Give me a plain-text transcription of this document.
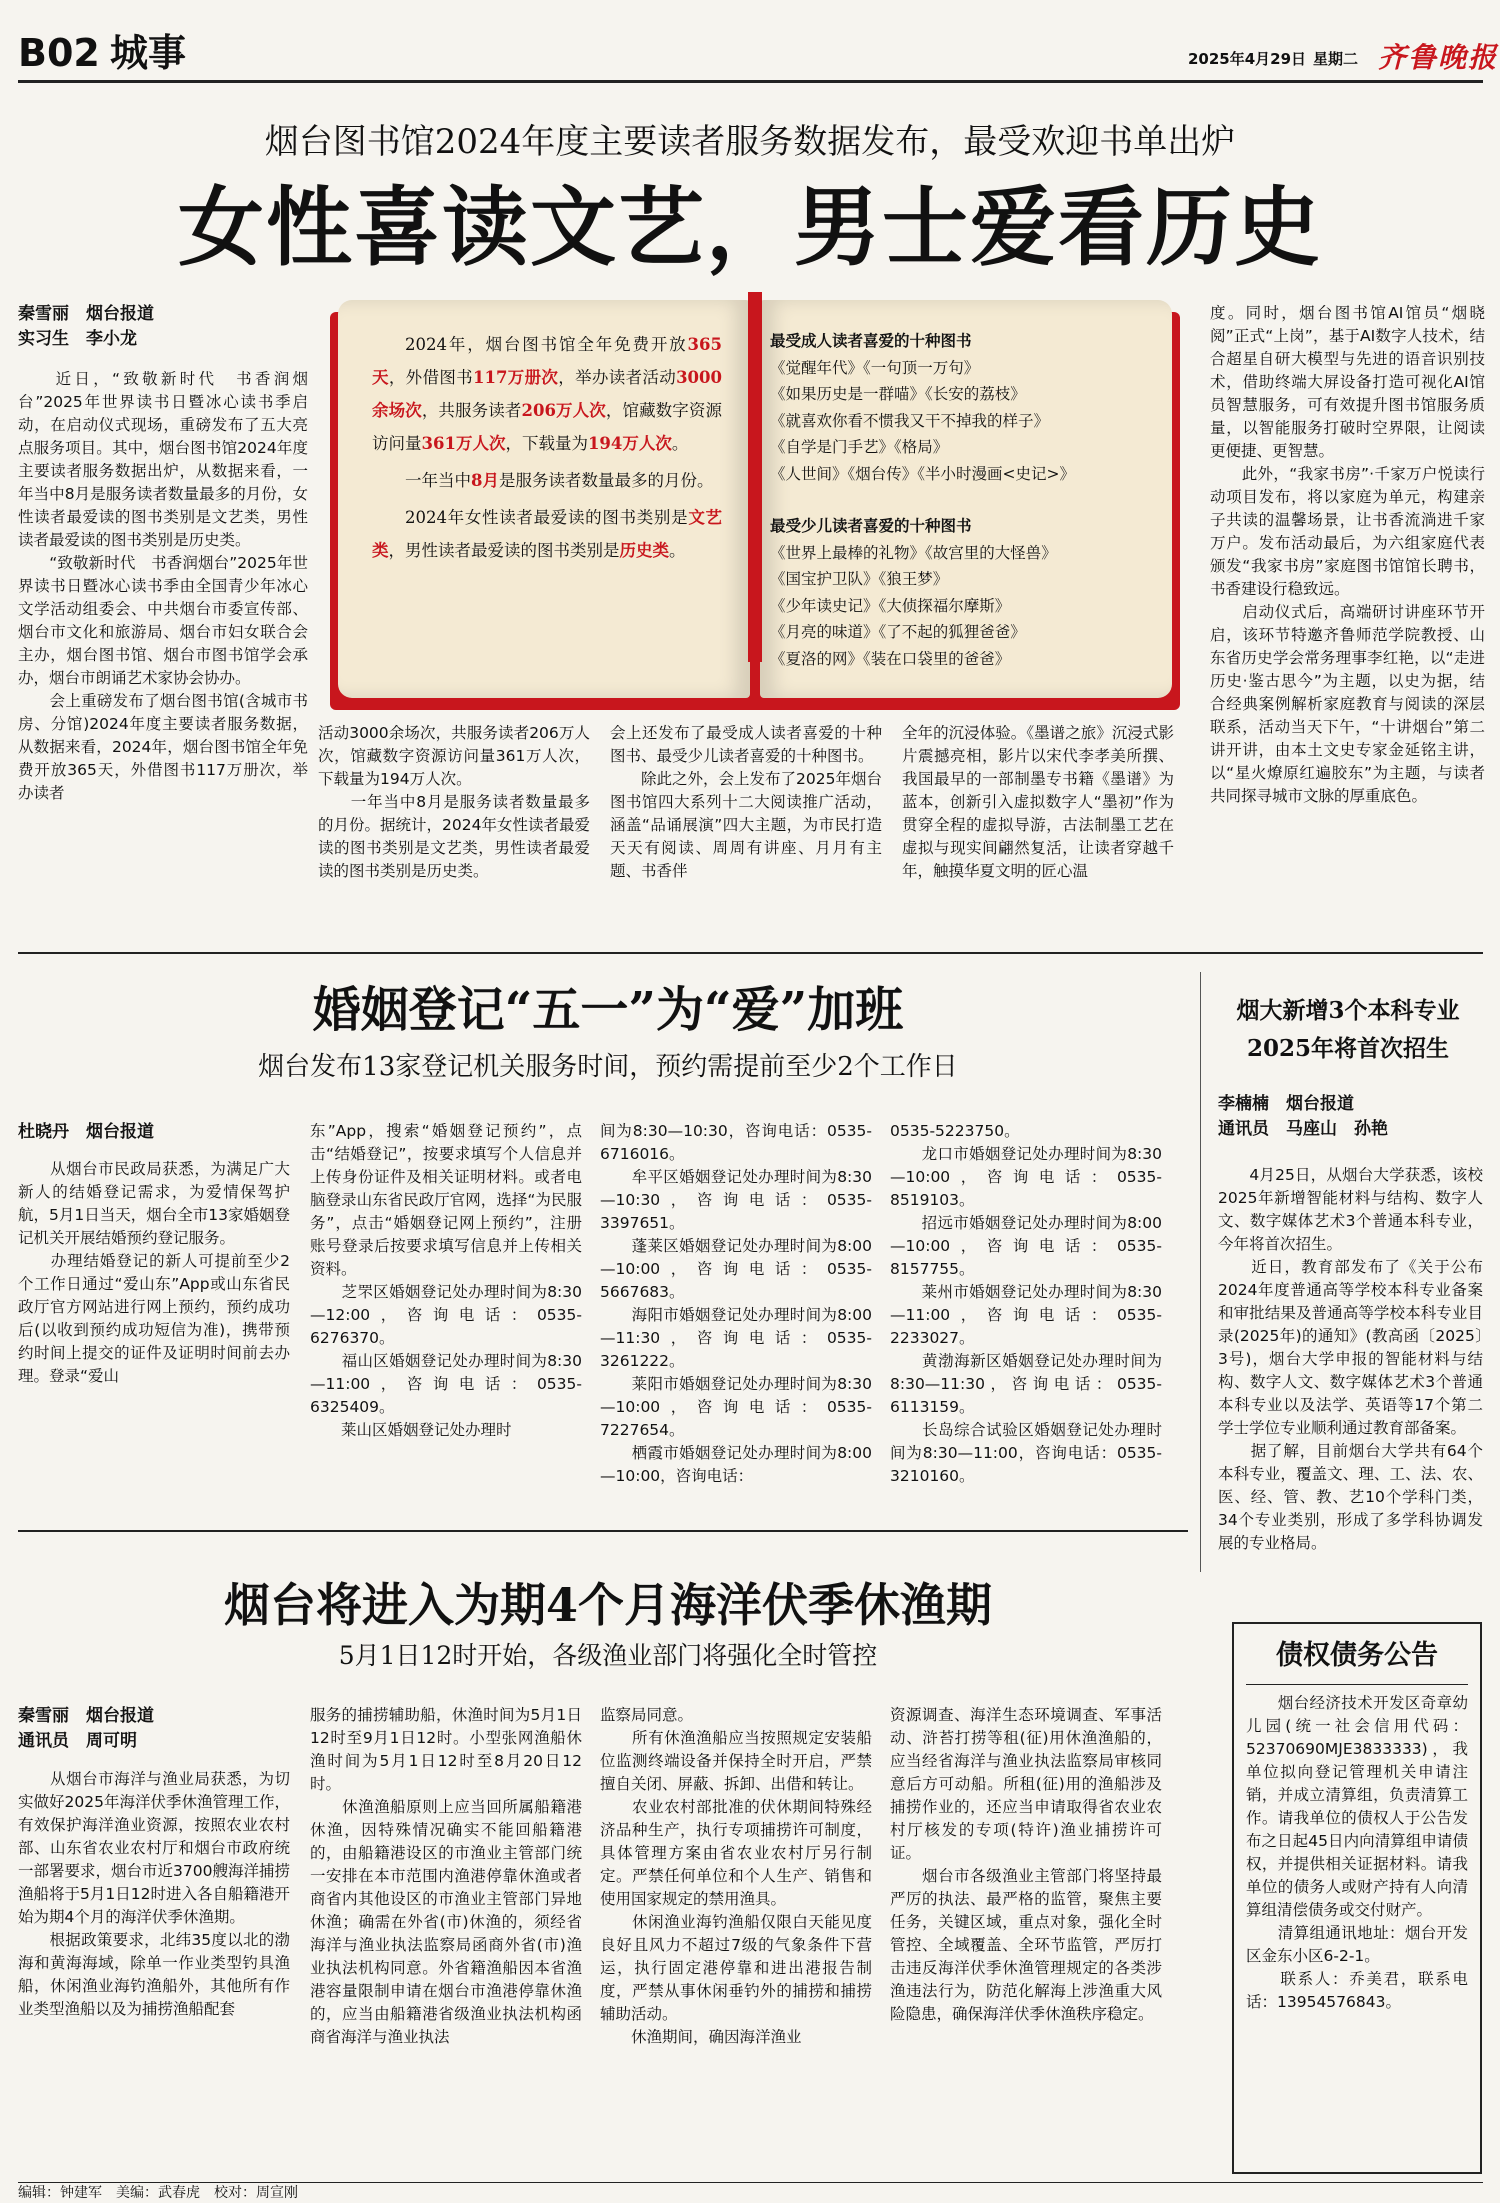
B02 城事	2025年4月29日 星期二 齐鲁晚报
烟台图书馆2024年度主要读者服务数据发布，最受欢迎书单出炉
女性喜读文艺，男士爱看历史
秦雪丽　烟台报道
实习生　李小龙
　　近日，“致敬新时代　书香润烟台”2025年世界读书日暨冰心读书季启动，在启动仪式现场，重磅发布了五大亮点服务项目。其中，烟台图书馆2024年度主要读者服务数据出炉，从数据来看，一年当中8月是服务读者数量最多的月份，女性读者最爱读的图书类别是文艺类，男性读者最爱读的图书类别是历史类。
　　“致敬新时代　书香润烟台”2025年世界读书日暨冰心读书季由全国青少年冰心文学活动组委会、中共烟台市委宣传部、烟台市文化和旅游局、烟台市妇女联合会主办，烟台图书馆、烟台市图书馆学会承办，烟台市朗诵艺术家协会协办。
　　会上重磅发布了烟台图书馆(含城市书房、分馆)2024年度主要读者服务数据，从数据来看，2024年，烟台图书馆全年免费开放365天，外借图书117万册次，举办读者

2024年，烟台图书馆全年免费开放365天，外借图书117万册次，举办读者活动3000余场次，共服务读者206万人次，馆藏数字资源访问量361万人次，下载量为194万人次。

一年当中8月是服务读者数量最多的月份。

2024年女性读者最爱读的图书类别是文艺类，男性读者最爱读的图书类别是历史类。

最受成人读者喜爱的十种图书
《觉醒年代》《一句顶一万句》
《如果历史是一群喵》《长安的荔枝》
《就喜欢你看不惯我又干不掉我的样子》
《自学是门手艺》《格局》
《人世间》《烟台传》《半小时漫画<史记>》
最受少儿读者喜爱的十种图书
《世界上最棒的礼物》《故宫里的大怪兽》
《国宝护卫队》《狼王梦》
《少年读史记》《大侦探福尔摩斯》
《月亮的味道》《了不起的狐狸爸爸》
《夏洛的网》《装在口袋里的爸爸》
活动3000余场次，共服务读者206万人次，馆藏数字资源访问量361万人次，下载量为194万人次。
　　一年当中8月是服务读者数量最多的月份。据统计，2024年女性读者最爱读的图书类别是文艺类，男性读者最爱读的图书类别是历史类。
会上还发布了最受成人读者喜爱的十种图书、最受少儿读者喜爱的十种图书。
　　除此之外，会上发布了2025年烟台图书馆四大系列十二大阅读推广活动，涵盖“品诵展演”四大主题，为市民打造天天有阅读、周周有讲座、月月有主题、书香伴
全年的沉浸体验。《墨谱之旅》沉浸式影片震撼亮相，影片以宋代李孝美所撰、我国最早的一部制墨专书籍《墨谱》为蓝本，创新引入虚拟数字人“墨初”作为贯穿全程的虚拟导游，古法制墨工艺在虚拟与现实间翩然复活，让读者穿越千年，触摸华夏文明的匠心温
度。同时，烟台图书馆AI馆员“烟晓阅”正式“上岗”，基于AI数字人技术，结合超星自研大模型与先进的语音识别技术，借助终端大屏设备打造可视化AI馆员智慧服务，可有效提升图书馆服务质量，以智能服务打破时空界限，让阅读更便捷、更智慧。
　　此外，“我家书房”·千家万户悦读行动项目发布，将以家庭为单元，构建亲子共读的温馨场景，让书香流淌进千家万户。发布活动最后，为六组家庭代表颁发“我家书房”家庭图书馆馆长聘书，书香建设行稳致远。
　　启动仪式后，高端研讨讲座环节开启，该环节特邀齐鲁师范学院教授、山东省历史学会常务理事李红艳，以“走进历史·鉴古思今”为主题，以史为据，结合经典案例解析家庭教育与阅读的深层联系，活动当天下午，“十讲烟台”第二讲开讲，由本土文史专家金延铭主讲，以“星火燎原红遍胶东”为主题，与读者共同探寻城市文脉的厚重底色。
婚姻登记“五一”为“爱”加班
烟台发布13家登记机关服务时间，预约需提前至少2个工作日
杜晓丹　烟台报道
　　从烟台市民政局获悉，为满足广大新人的结婚登记需求，为爱情保驾护航，5月1日当天，烟台全市13家婚姻登记机关开展结婚预约登记服务。
　　办理结婚登记的新人可提前至少2个工作日通过“爱山东”App或山东省民政厅官方网站进行网上预约，预约成功后(以收到预约成功短信为准)，携带预约时间上提交的证件及证明时间前去办理。登录“爱山
东”App，搜索“婚姻登记预约”，点击“结婚登记”，按要求填写个人信息并上传身份证件及相关证明材料。或者电脑登录山东省民政厅官网，选择“为民服务”，点击“婚姻登记网上预约”，注册账号登录后按要求填写信息并上传相关资料。
　　芝罘区婚姻登记处办理时间为8:30—12:00，咨询电话：0535-6276370。
　　福山区婚姻登记处办理时间为8:30—11:00，咨询电话：0535-6325409。
　　莱山区婚姻登记处办理时
间为8:30—10:30，咨询电话：0535-6716016。
　　牟平区婚姻登记处办理时间为8:30—10:30，咨询电话：0535-3397651。
　　蓬莱区婚姻登记处办理时间为8:00—10:00，咨询电话：0535-5667683。
　　海阳市婚姻登记处办理时间为8:00—11:30，咨询电话：0535-3261222。
　　莱阳市婚姻登记处办理时间为8:30—10:00，咨询电话：0535-7227654。
　　栖霞市婚姻登记处办理时间为8:00—10:00，咨询电话：
0535-5223750。
　　龙口市婚姻登记处办理时间为8:30—10:00，咨询电话：0535-8519103。
　　招远市婚姻登记处办理时间为8:00—10:00，咨询电话：0535-8157755。
　　莱州市婚姻登记处办理时间为8:30—11:00，咨询电话：0535-2233027。
　　黄渤海新区婚姻登记处办理时间为8:30—11:30，咨询电话：0535-6113159。
　　长岛综合试验区婚姻登记处办理时间为8:30—11:00，咨询电话：0535-3210160。
烟大新增3个本科专业
2025年将首次招生
李楠楠　烟台报道
通讯员　马座山　孙艳
　　4月25日，从烟台大学获悉，该校2025年新增智能材料与结构、数字人文、数字媒体艺术3个普通本科专业，今年将首次招生。
　　近日，教育部发布了《关于公布2024年度普通高等学校本科专业备案和审批结果及普通高等学校本科专业目录(2025年)的通知》(教高函〔2025〕3号)，烟台大学申报的智能材料与结构、数字人文、数字媒体艺术3个普通本科专业以及法学、英语等17个第二学士学位专业顺利通过教育部备案。
　　据了解，目前烟台大学共有64个本科专业，覆盖文、理、工、法、农、医、经、管、教、艺10个学科门类，34个专业类别，形成了多学科协调发展的专业格局。
烟台将进入为期4个月海洋伏季休渔期
5月1日12时开始，各级渔业部门将强化全时管控
秦雪丽　烟台报道
通讯员　周可明
　　从烟台市海洋与渔业局获悉，为切实做好2025年海洋伏季休渔管理工作，有效保护海洋渔业资源，按照农业农村部、山东省农业农村厅和烟台市政府统一部署要求，烟台市近3700艘海洋捕捞渔船将于5月1日12时进入各自船籍港开始为期4个月的海洋伏季休渔期。
　　根据政策要求，北纬35度以北的渤海和黄海海域，除单一作业类型钓具渔船，休闲渔业海钓渔船外，其他所有作业类型渔船以及为捕捞渔船配套
服务的捕捞辅助船，休渔时间为5月1日12时至9月1日12时。小型张网渔船休渔时间为5月1日12时至8月20日12时。
　　休渔渔船原则上应当回所属船籍港休渔，因特殊情况确实不能回船籍港的，由船籍港设区的市渔业主管部门统一安排在本市范围内渔港停靠休渔或者商省内其他设区的市渔业主管部门异地休渔；确需在外省(市)休渔的，须经省海洋与渔业执法监察局函商外省(市)渔业执法机构同意。外省籍渔船因本省渔港容量限制申请在烟台市渔港停靠休渔的，应当由船籍港省级渔业执法机构函商省海洋与渔业执法
监察局同意。
　　所有休渔渔船应当按照规定安装船位监测终端设备并保持全时开启，严禁擅自关闭、屏蔽、拆卸、出借和转让。
　　农业农村部批准的伏休期间特殊经济品种生产，执行专项捕捞许可制度，具体管理方案由省农业农村厅另行制定。严禁任何单位和个人生产、销售和使用国家规定的禁用渔具。
　　休闲渔业海钓渔船仅限白天能见度良好且风力不超过7级的气象条件下营运，执行固定港停靠和进出港报告制度，严禁从事休闲垂钓外的捕捞和捕捞辅助活动。
　　休渔期间，确因海洋渔业
资源调查、海洋生态环境调查、军事活动、浒苔打捞等租(征)用休渔渔船的，应当经省海洋与渔业执法监察局审核同意后方可动船。所租(征)用的渔船涉及捕捞作业的，还应当申请取得省农业农村厅核发的专项(特许)渔业捕捞许可证。
　　烟台市各级渔业主管部门将坚持最严厉的执法、最严格的监管，聚焦主要任务，关键区域，重点对象，强化全时管控、全域覆盖、全环节监管，严厉打击违反海洋伏季休渔管理规定的各类涉渔违法行为，防范化解海上涉渔重大风险隐患，确保海洋伏季休渔秩序稳定。
债权债务公告
　　烟台经济技术开发区奇章幼儿园(统一社会信用代码：52370690MJE3833333)，我单位拟向登记管理机关申请注销，并成立清算组，负责清算工作。请我单位的债权人于公告发布之日起45日内向清算组申请债权，并提供相关证据材料。请我单位的债务人或财产持有人向清算组清偿债务或交付财产。
　　清算组通讯地址：烟台开发区金东小区6-2-1。
　　联系人：乔美君，联系电话：13954576843。
编辑：钟建军　美编：武春虎　校对：周宣刚
